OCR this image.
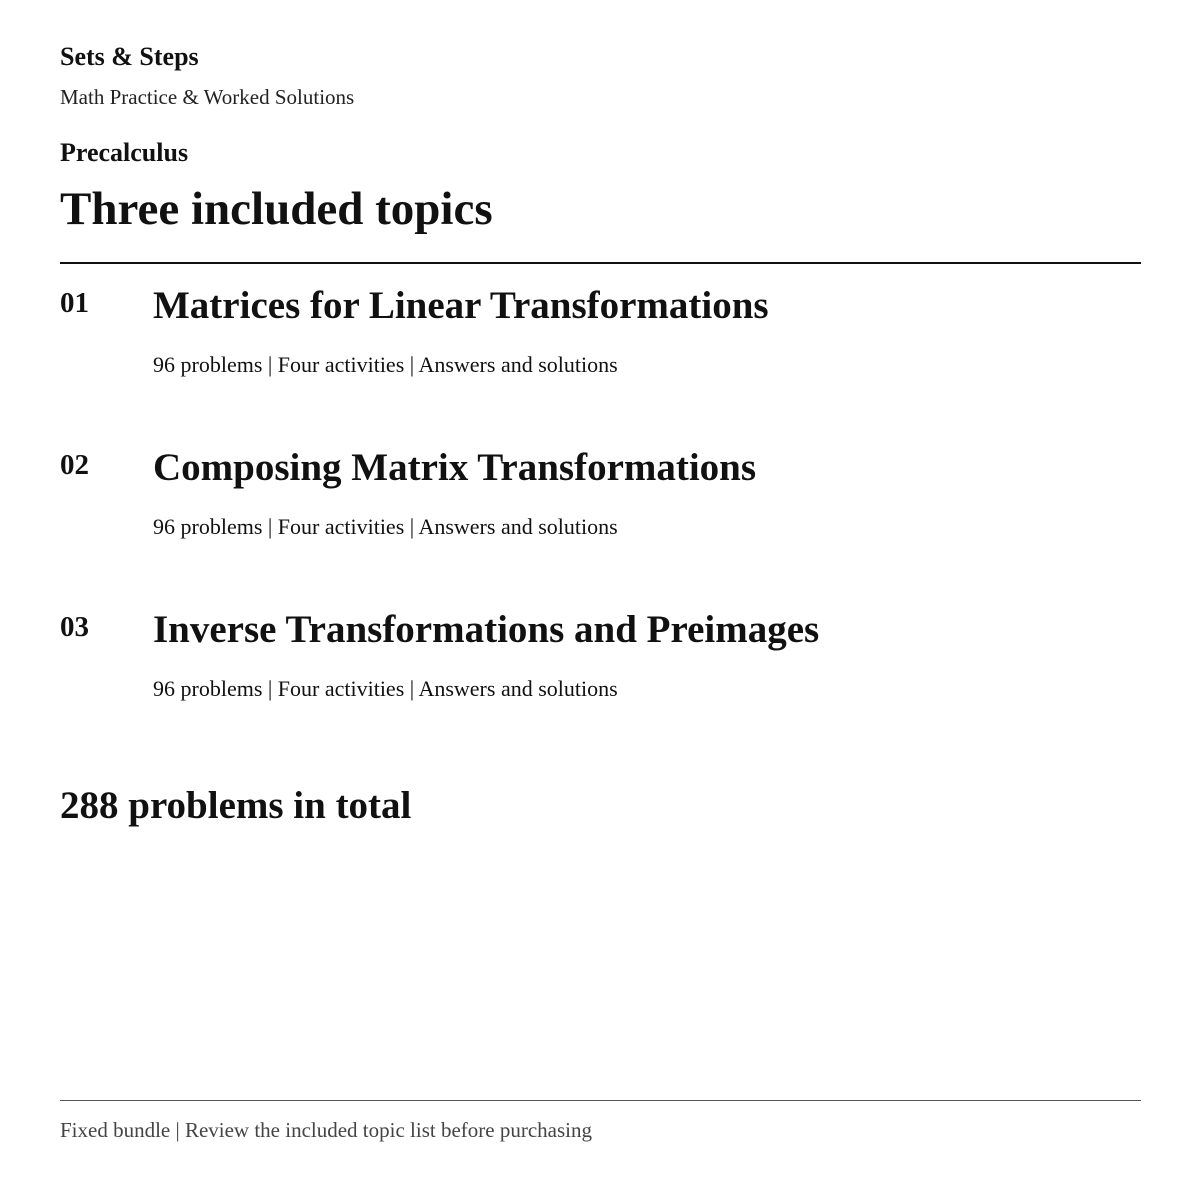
Sets & Steps
Math Practice & Worked Solutions
Precalculus
Three included topics
01 Matrices for Linear Transformations
96 problems | Four activities | Answers and solutions
02 Composing Matrix Transformations
96 problems | Four activities | Answers and solutions
03 Inverse Transformations and Preimages
96 problems | Four activities | Answers and solutions
288 problems in total
Fixed bundle | Review the included topic list before purchasing
